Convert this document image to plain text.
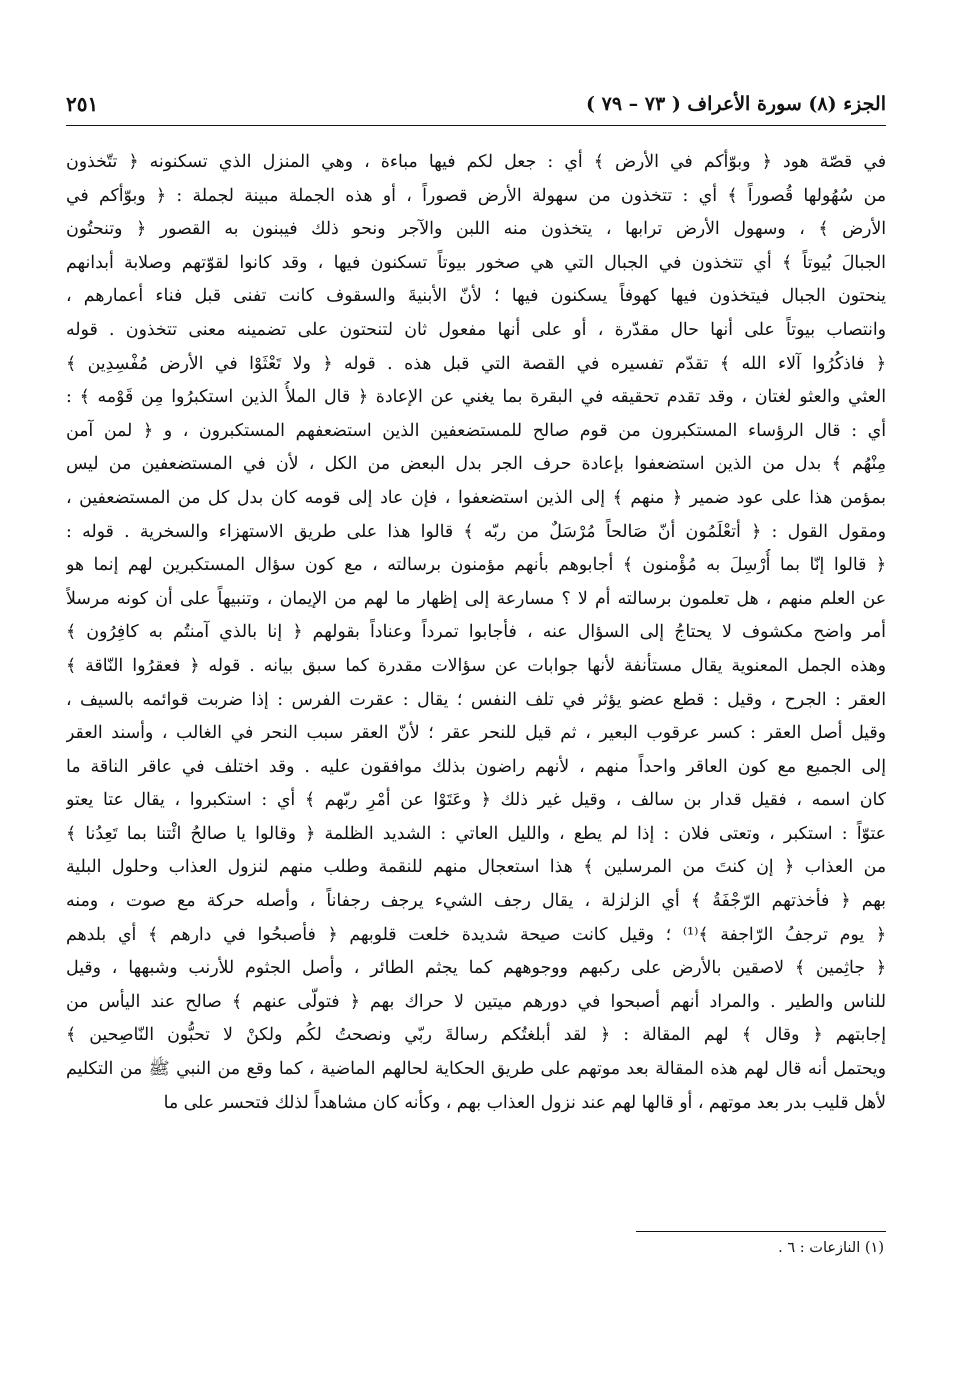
الجزء (٨) سورة الأعراف ( ٧٣ – ٧٩ )
٢٥١
في قصّة هود ﴿ وبوّأكم في الأرض ﴾ أي : جعل لكم فيها مباءة ، وهي المنزل الذي تسكنونه ﴿ تتّخذون
من سُهُولها قُصوراً ﴾ أي : تتخذون من سهولة الأرض قصوراً ، أو هذه الجملة مبينة لجملة : ﴿ وبوّأكم في
الأرض ﴾ ، وسهول الأرض ترابها ، يتخذون منه اللبن والآجر ونحو ذلك فيبنون به القصور ﴿ وتنحتُون
الجبالَ بُيوتاً ﴾ أي تتخذون في الجبال التي هي صخور بيوتاً تسكنون فيها ، وقد كانوا لقوّتهم وصلابة أبدانهم
ينحتون الجبال فيتخذون فيها كهوفاً يسكنون فيها ؛ لأنّ الأبنيةَ والسقوف كانت تفنى قبل فناء أعمارهم ،
وانتصاب بيوتاً على أنها حال مقدّرة ، أو على أنها مفعول ثان لتنحتون على تضمينه معنى تتخذون . قوله
﴿ فاذكُرُوا آلاء الله ﴾ تقدّم تفسيره في القصة التي قبل هذه . قوله ﴿ ولا تَعْثَوْا في الأرض مُفْسِدِين ﴾
العثي والعثو لغتان ، وقد تقدم تحقيقه في البقرة بما يغني عن الإعادة ﴿ قال الملأُ الذين استكبرُوا مِن قَوْمه ﴾ :
أي : قال الرؤساء المستكبرون من قوم صالح للمستضعفين الذين استضعفهم المستكبرون ، و ﴿ لمن آمن
مِنْهُم ﴾ بدل من الذين استضعفوا بإعادة حرف الجر بدل البعض من الكل ، لأن في المستضعفين من ليس
بمؤمن هذا على عود ضمير ﴿ منهم ﴾ إلى الذين استضعفوا ، فإن عاد إلى قومه كان بدل كل من المستضعفين ،
ومقول القول : ﴿ أتعْلَمُون أنّ صَالحاً مُرْسَلٌ من ربّه ﴾ قالوا هذا على طريق الاستهزاء والسخرية . قوله :
﴿ قالوا إنّا بما أُرْسِلَ به مُؤْمنون ﴾ أجابوهم بأنهم مؤمنون برسالته ، مع كون سؤال المستكبرين لهم إنما هو
عن العلم منهم ، هل تعلمون برسالته أم لا ؟ مسارعة إلى إظهار ما لهم من الإيمان ، وتنبيهاً على أن كونه مرسلاً
أمر واضح مكشوف لا يحتاجُ إلى السؤال عنه ، فأجابوا تمرداً وعناداً بقولهم ﴿ إنا بالذي آمنتُم به كافِرُون ﴾
وهذه الجمل المعنوية يقال مستأنفة لأنها جوابات عن سؤالات مقدرة كما سبق بيانه . قوله ﴿ فعقرُوا النّاقة ﴾
العقر : الجرح ، وقيل : قطع عضو يؤثر في تلف النفس ؛ يقال : عقرت الفرس : إذا ضربت قوائمه بالسيف ،
وقيل أصل العقر : كسر عرقوب البعير ، ثم قيل للنحر عقر ؛ لأنّ العقر سبب النحر في الغالب ، وأسند العقر
إلى الجميع مع كون العاقر واحداً منهم ، لأنهم راضون بذلك موافقون عليه . وقد اختلف في عاقر الناقة ما
كان اسمه ، فقيل قدار بن سالف ، وقيل غير ذلك ﴿ وعَتَوْا عن أمْرِ ربّهم ﴾ أي : استكبروا ، يقال عتا يعتو
عتوّاً : استكبر ، وتعتى فلان : إذا لم يطع ، والليل العاتي : الشديد الظلمة ﴿ وقالوا يا صالحُ ائْتنا بما تَعِدُنا ﴾
من العذاب ﴿ إن كنتَ من المرسلين ﴾ هذا استعجال منهم للنقمة وطلب منهم لنزول العذاب وحلول البلية
بهم ﴿ فأخذتهم الرّجْفَةُ ﴾ أي الزلزلة ، يقال رجف الشيء يرجف رجفاناً ، وأصله حركة مع صوت ، ومنه
﴿ يوم ترجفُ الرّاجفة ﴾⁽¹⁾ ؛ وقيل كانت صيحة شديدة خلعت قلوبهم ﴿ فأصبحُوا في دارهم ﴾ أي بلدهم
﴿ جاثِمين ﴾ لاصقين بالأرض على ركبهم ووجوههم كما يجثم الطائر ، وأصل الجثوم للأرنب وشبهها ، وقيل
للناس والطير . والمراد أنهم أصبحوا في دورهم ميتين لا حراك بهم ﴿ فتولّى عنهم ﴾ صالح عند اليأس من
إجابتهم ﴿ وقال ﴾ لهم المقالة : ﴿ لقد أبلغتُكم رسالةَ ربّي ونصحتُ لكُم ولكنْ لا تحبُّون النّاصِحين ﴾
ويحتمل أنه قال لهم هذه المقالة بعد موتهم على طريق الحكاية لحالهم الماضية ، كما وقع من النبي ﷺ من التكليم
لأهل قليب بدر بعد موتهم ، أو قالها لهم عند نزول العذاب بهم ، وكأنه كان مشاهداً لذلك فتحسر على ما
(١) النازعات : ٦ .
